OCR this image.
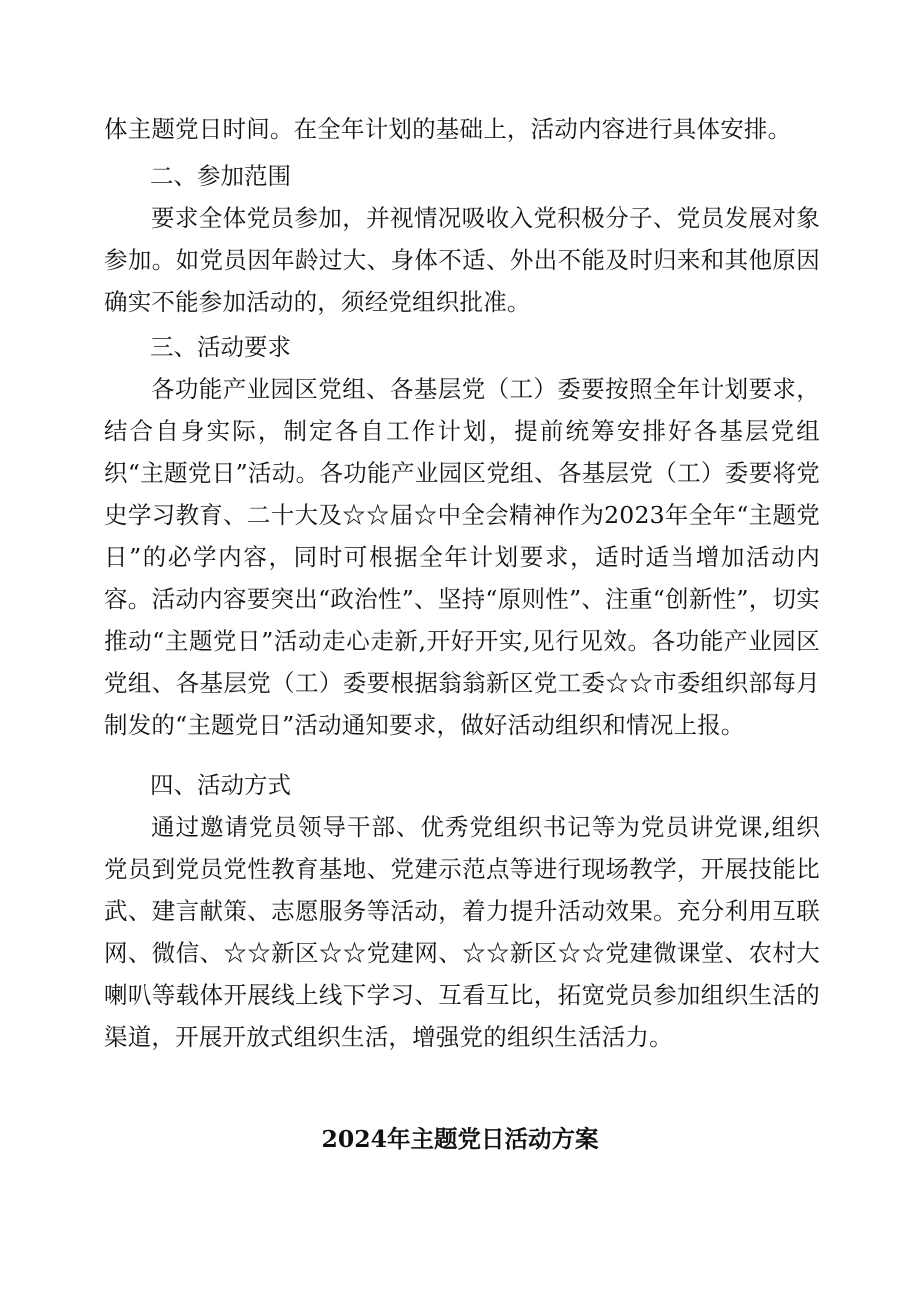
体主题党日时间。在全年计划的基础上，活动内容进行具体安排。

二、参加范围

要求全体党员参加，并视情况吸收入党积极分子、党员发展对象参加。如党员因年龄过大、身体不适、外出不能及时归来和其他原因确实不能参加活动的，须经党组织批准。

三、活动要求

各功能产业园区党组、各基层党（工）委要按照全年计划要求，结合自身实际，制定各自工作计划，提前统筹安排好各基层党组织“主题党日”活动。各功能产业园区党组、各基层党（工）委要将党史学习教育、二十大及☆☆届☆中全会精神作为2023年全年“主题党日”的必学内容，同时可根据全年计划要求，适时适当增加活动内容。活动内容要突出“政治性”、坚持“原则性”、注重“创新性”，切实推动“主题党日”活动走心走新,开好开实,见行见效。各功能产业园区党组、各基层党（工）委要根据翁翁新区党工委☆☆市委组织部每月制发的“主题党日”活动通知要求，做好活动组织和情况上报。

四、活动方式

通过邀请党员领导干部、优秀党组织书记等为党员讲党课,组织党员到党员党性教育基地、党建示范点等进行现场教学，开展技能比武、建言献策、志愿服务等活动，着力提升活动效果。充分利用互联网、微信、☆☆新区☆☆党建网、☆☆新区☆☆党建微课堂、农村大喇叭等载体开展线上线下学习、互看互比，拓宽党员参加组织生活的渠道，开展开放式组织生活，增强党的组织生活活力。

2024年主题党日活动方案
